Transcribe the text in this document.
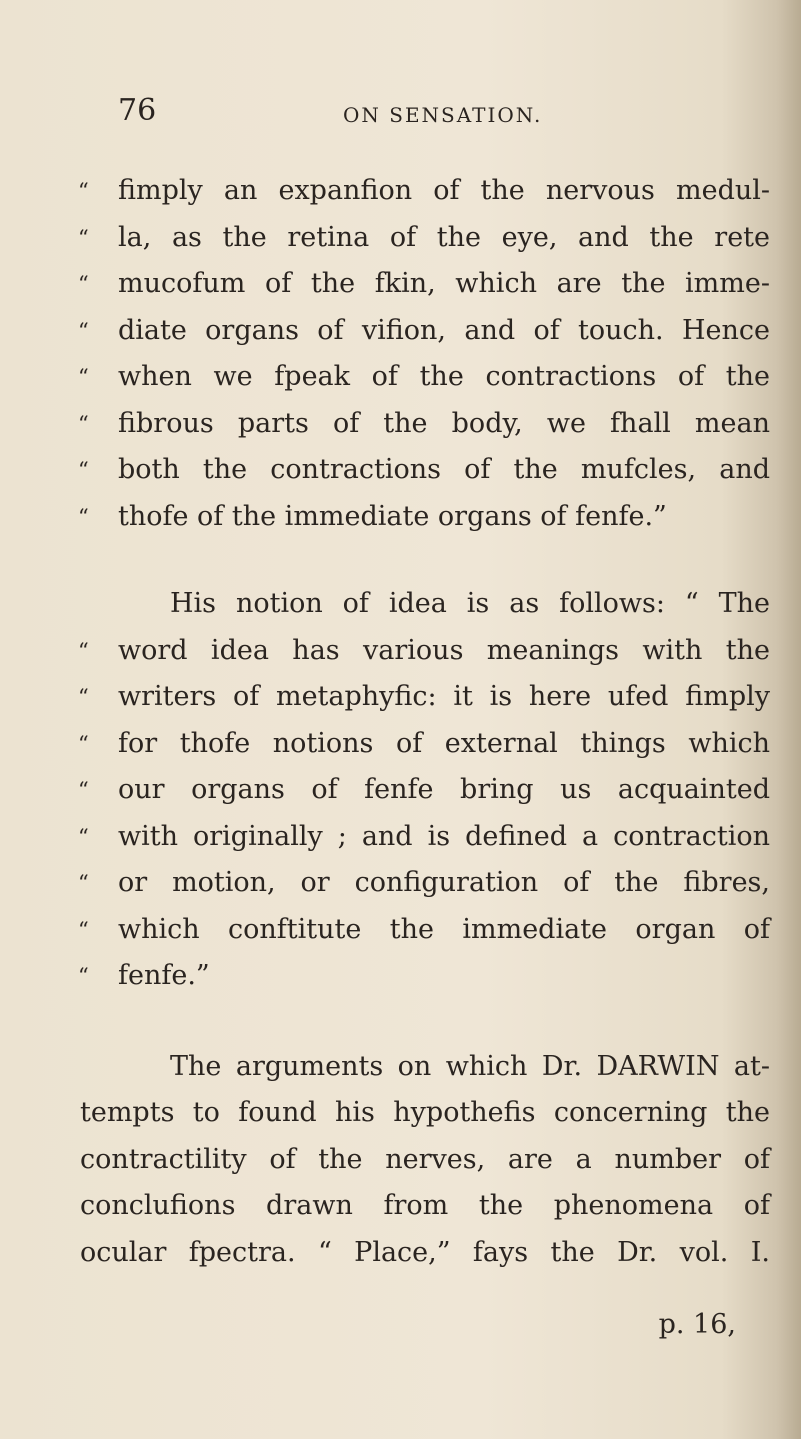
76	ON SENSATION.
“	fimply an expanfion of the nervous medul-
“	la, as the retina of the eye, and the rete
“	mucofum of the fkin, which are the imme-
“	diate organs of vifion, and of touch. Hence
“	when we fpeak of the contractions of the
“	fibrous parts of the body, we fhall mean
“	both the contractions of the mufcles, and
“	thofe of the immediate organs of fenfe.”
His notion of idea is as follows: “ The
“	word idea has various meanings with the
“	writers of metaphyfic: it is here ufed fimply
“	for thofe notions of external things which
“	our organs of fenfe bring us acquainted
“	with originally ; and is defined a contraction
“	or motion, or configuration of the fibres,
“	which conftitute the immediate organ of
“	fenfe.”
The arguments on which Dr. DARWIN at-
tempts to found his hypothefis concerning the
contractility of the nerves, are a number of
conclufions drawn from the phenomena of
ocular fpectra. “ Place,” fays the Dr. vol. I.
p. 16,
